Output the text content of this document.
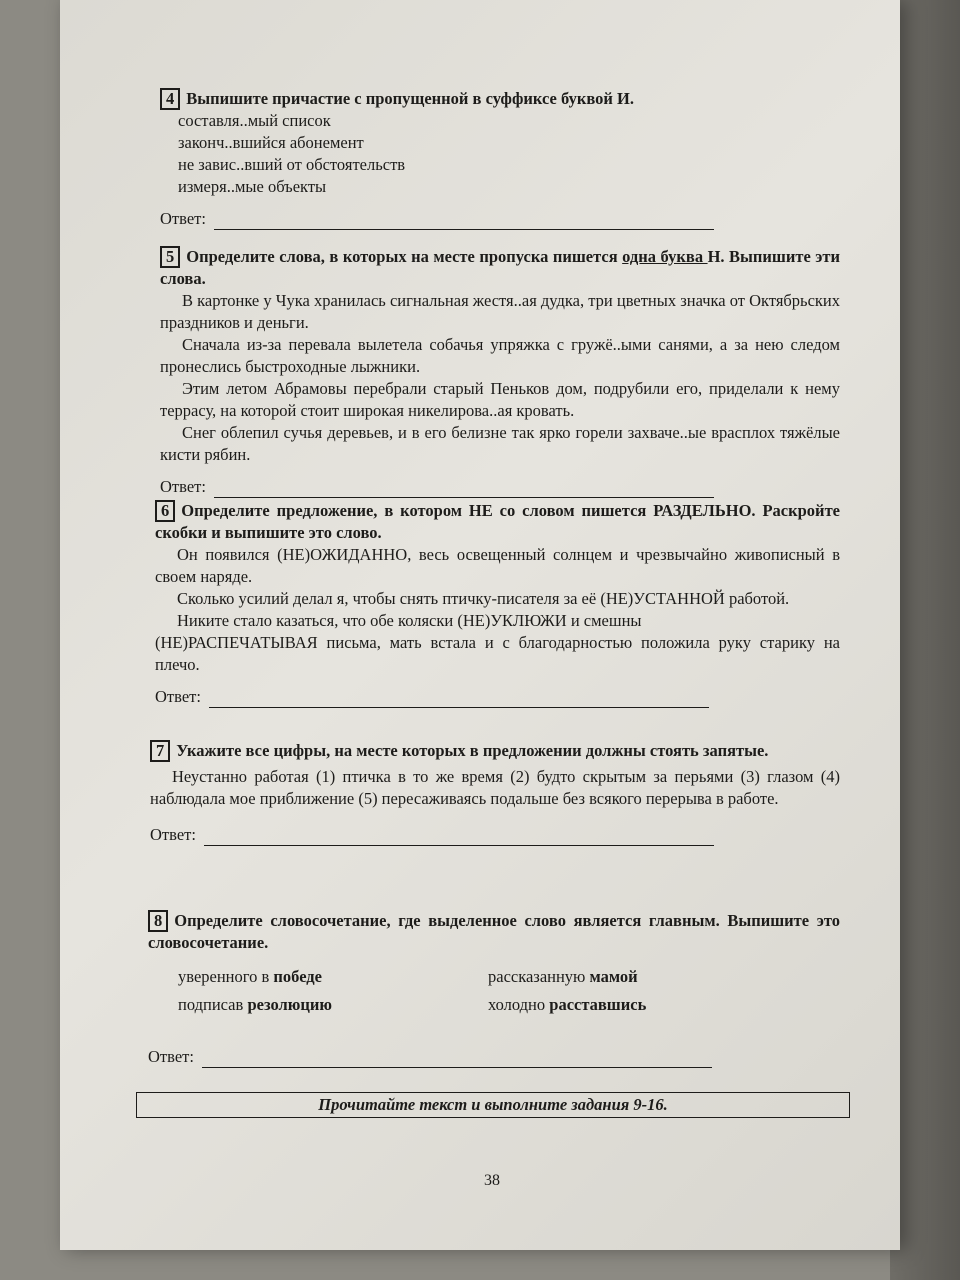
4 Выпишите причастие с пропущенной в суффиксе буквой И.
составля..мый список
законч..вшийся абонемент
не завис..вший от обстоятельств
измеря..мые объекты
Ответ:
5 Определите слова, в которых на месте пропуска пишется одна буква Н. Выпишите эти слова.

В картонке у Чука хранилась сигнальная жестя..ая дудка, три цветных значка от Октябрьских праздников и деньги.

Сначала из-за перевала вылетела собачья упряжка с гружё..ыми санями, а за нею следом пронеслись быстроходные лыжники.

Этим летом Абрамовы перебрали старый Пеньков дом, подрубили его, приделали к нему террасу, на которой стоит широкая никелирова..ая кровать.

Снег облепил сучья деревьев, и в его белизне так ярко горели захваче..ые врасплох тяжёлые кисти рябин.

Ответ:
6 Определите предложение, в котором НЕ со словом пишется РАЗДЕЛЬНО. Раскройте скобки и выпишите это слово.

Он появился (НЕ)ОЖИДАННО, весь освещенный солнцем и чрезвычайно живописный в своем наряде.

Сколько усилий делал я, чтобы снять птичку-писателя за её (НЕ)УСТАННОЙ работой.

Никите стало казаться, что обе коляски (НЕ)УКЛЮЖИ и смешны

(НЕ)РАСПЕЧАТЫВАЯ письма, мать встала и с благодарностью положила руку старику на плечо.

Ответ:
7 Укажите все цифры, на месте которых в предложении должны стоять запятые.

Неустанно работая (1) птичка в то же время (2) будто скрытым за перьями (3) глазом (4) наблюдала мое приближение (5) пересаживаясь подальше без всякого перерыва в работе.

Ответ:
8 Определите словосочетание, где выделенное слово является главным. Выпишите это словосочетание.
уверенного в победе	рассказанную мамой
подписав резолюцию	холодно расставшись
Ответ:
Прочитайте текст и выполните задания 9-16.
38
